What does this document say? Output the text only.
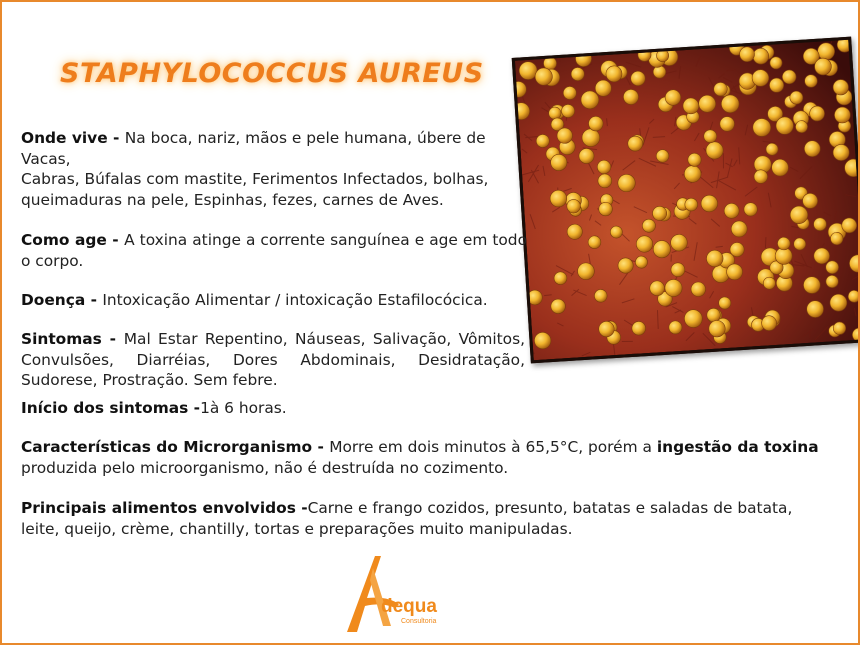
STAPHYLOCOCCUS AUREUS

Onde vive - Na boca, nariz, mãos e pele humana, úbere de Vacas,

Cabras, Búfalas com mastite, Ferimentos Infectados, bolhas, queimaduras na pele, Espinhas, fezes, carnes de Aves.

Como age - A toxina atinge a corrente sanguínea e age em todo o corpo.

Doença - Intoxicação Alimentar / intoxicação Estafilocócica.

Sintomas - Mal Estar Repentino, Náuseas, Salivação, Vômitos, Convulsões, Diarréias, Dores Abdominais, Desidratação, Sudorese, Prostração. Sem febre.

Início dos sintomas -1à 6 horas.

Características do Microrganismo - Morre em dois minutos à 65,5°C, porém a ingestão da toxina produzida pelo microorganismo, não é destruída no cozimento.

Principais alimentos envolvidos -Carne e frango cozidos, presunto, batatas e saladas de batata, leite, queijo, crème, chantilly, tortas e preparações muito manipuladas.

dequa
Consultoria
